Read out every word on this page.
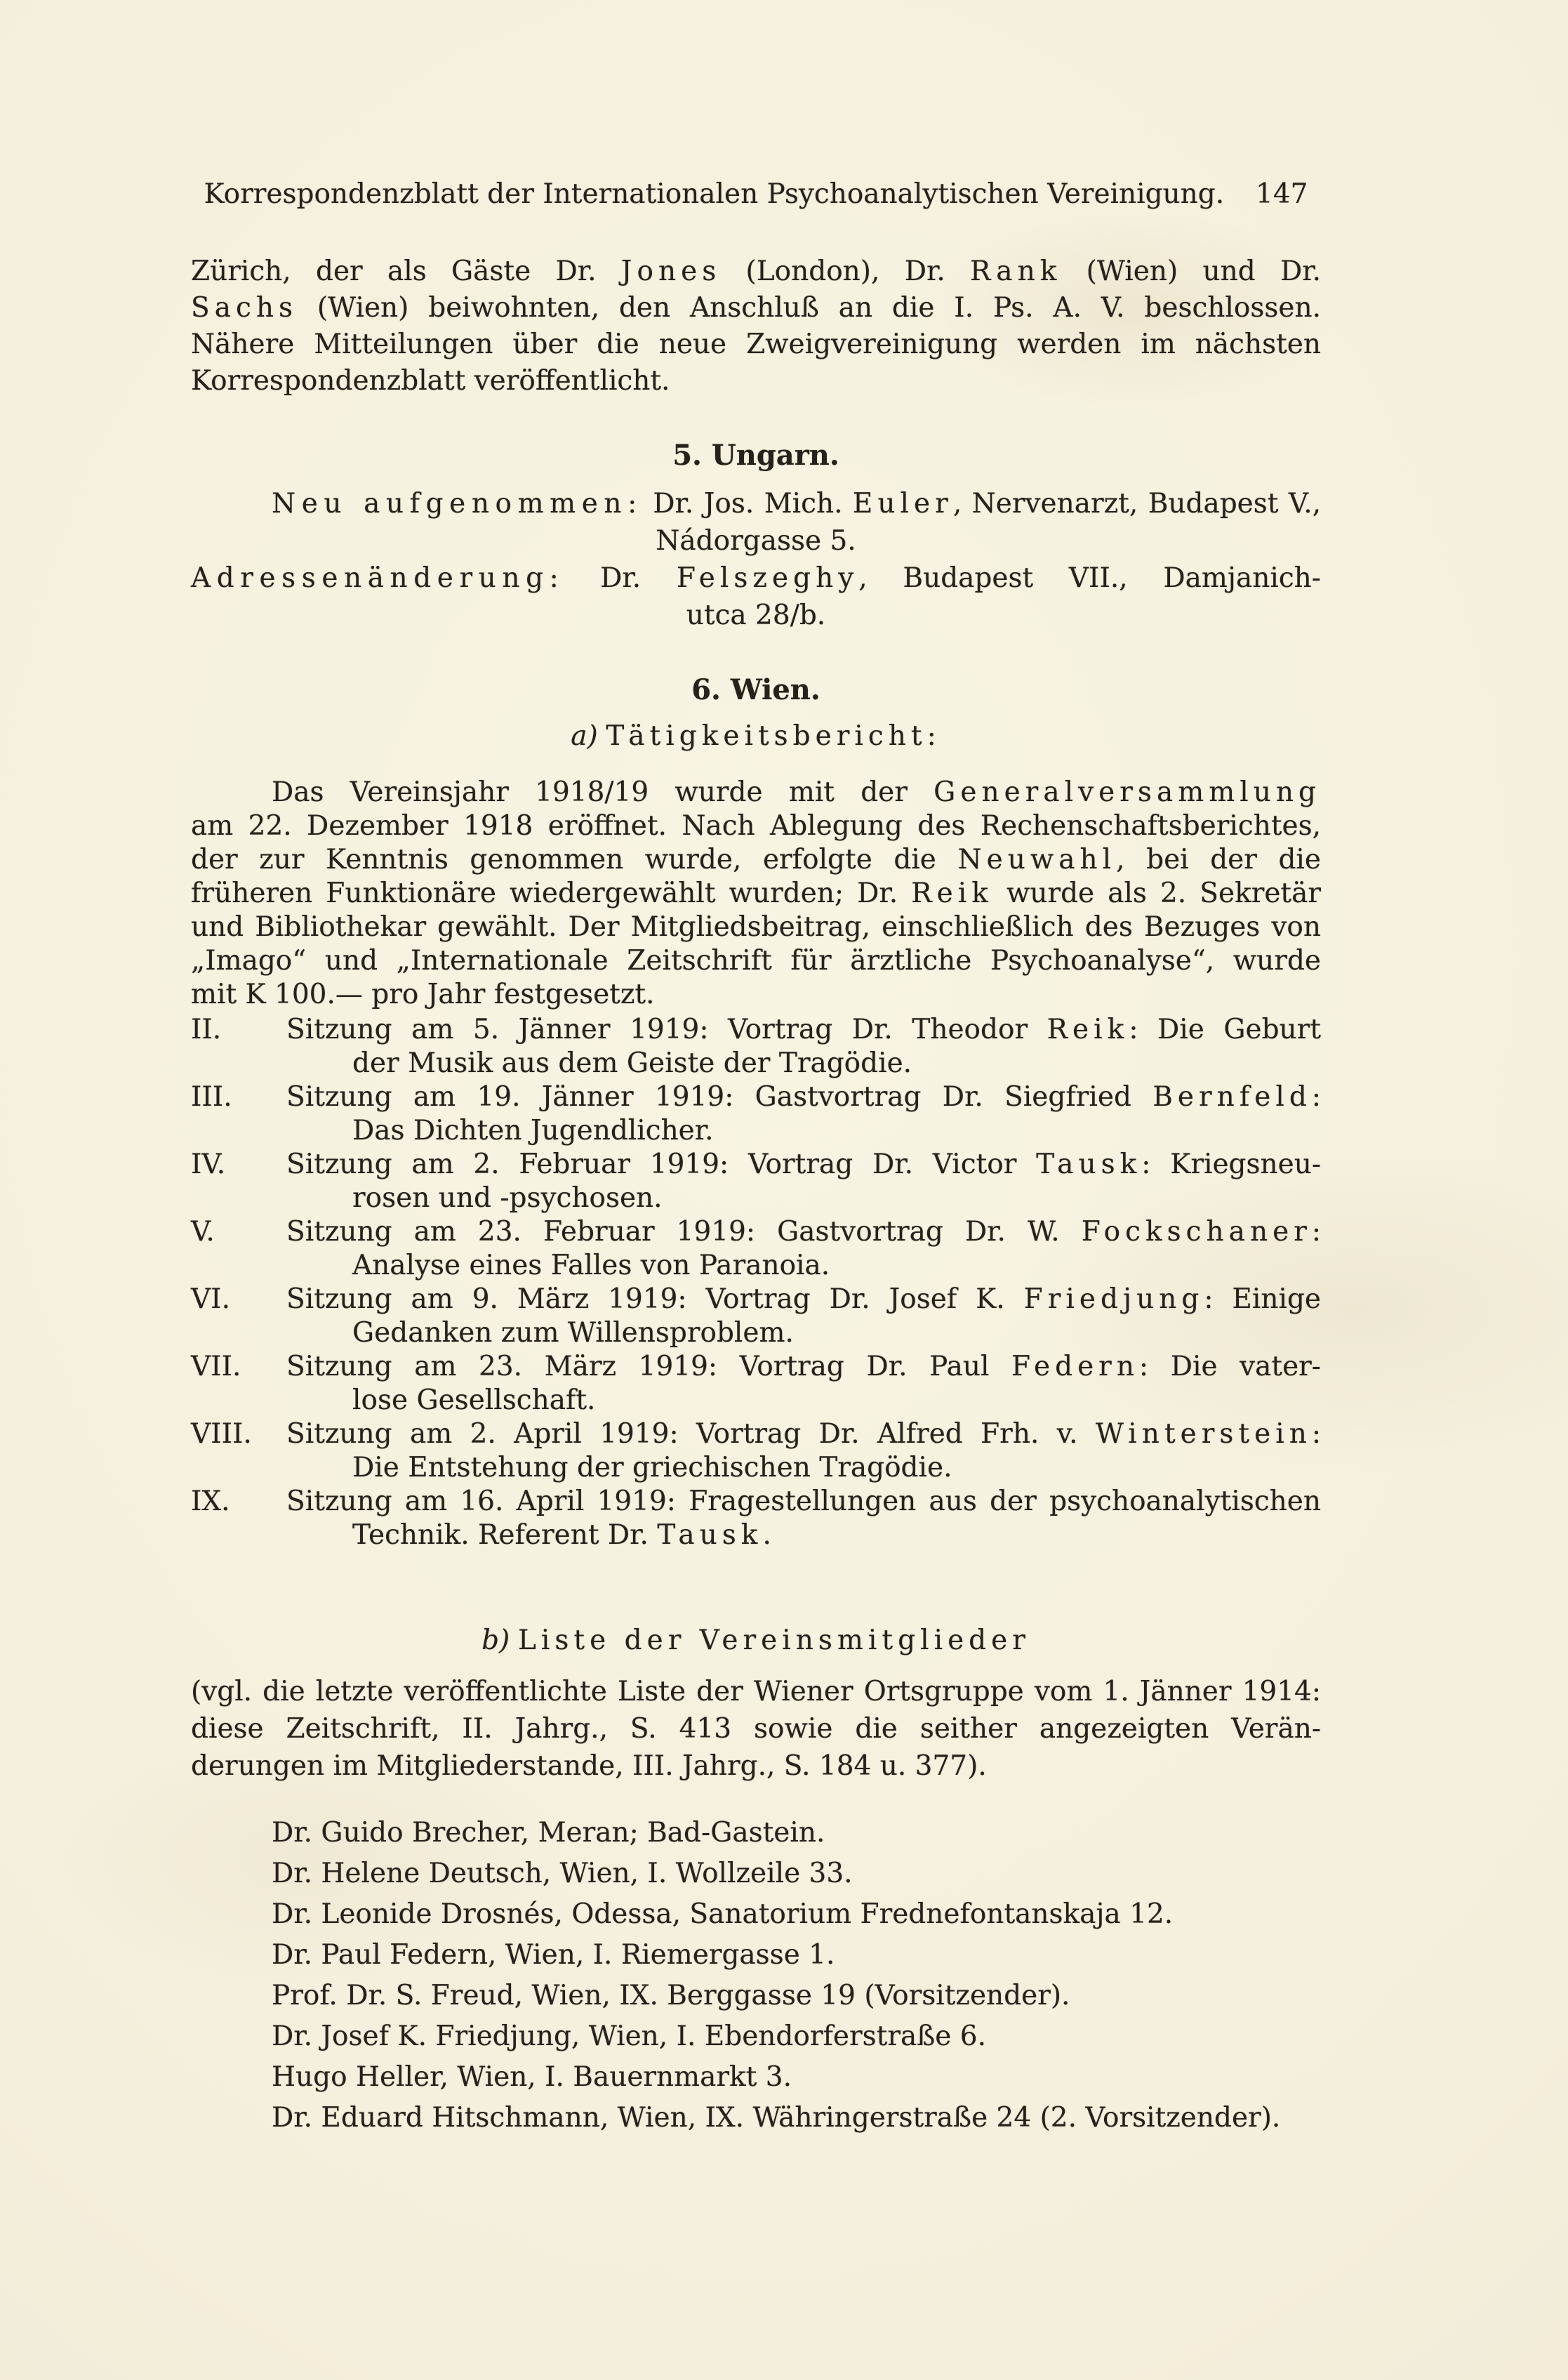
Korrespondenzblatt der Internationalen Psychoanalytischen Vereinigung. 147
Zürich, der als Gäste Dr. Jones (London), Dr. Rank (Wien) und Dr.
Sachs (Wien) beiwohnten, den Anschluß an die I. Ps. A. V. beschlossen.
Nähere Mitteilungen über die neue Zweigvereinigung werden im nächsten
Korrespondenzblatt veröffentlicht.
5. Ungarn.
Neu aufgenommen: Dr. Jos. Mich. Euler, Nervenarzt, Budapest V.,
Nádorgasse 5.
Adressenänderung: Dr. Felszeghy, Budapest VII., Damjanich-
utca 28/b.
6. Wien.
a) Tätigkeitsbericht:
Das Vereinsjahr 1918/19 wurde mit der Generalversammlung
am 22. Dezember 1918 eröffnet. Nach Ablegung des Rechenschaftsberichtes,
der zur Kenntnis genommen wurde, erfolgte die Neuwahl, bei der die
früheren Funktionäre wiedergewählt wurden; Dr. Reik wurde als 2. Sekretär
und Bibliothekar gewählt. Der Mitgliedsbeitrag, einschließlich des Bezuges von
„Imago“ und „Internationale Zeitschrift für ärztliche Psychoanalyse“, wurde
mit K 100.— pro Jahr festgesetzt.
II. Sitzung am 5. Jänner 1919: Vortrag Dr. Theodor Reik: Die Geburt
der Musik aus dem Geiste der Tragödie.
III. Sitzung am 19. Jänner 1919: Gastvortrag Dr. Siegfried Bernfeld:
Das Dichten Jugendlicher.
IV. Sitzung am 2. Februar 1919: Vortrag Dr. Victor Tausk: Kriegsneu-
rosen und -psychosen.
V.	Sitzung am 23. Februar 1919: Gastvortrag Dr. W. Fockschaner:
Analyse eines Falles von Paranoia.
VI. Sitzung am 9. März 1919: Vortrag Dr. Josef K. Friedjung: Einige
Gedanken zum Willensproblem.
VII. Sitzung am 23. März 1919: Vortrag Dr. Paul Federn: Die vater-
lose Gesellschaft.
VIII. Sitzung am 2. April 1919: Vortrag Dr. Alfred Frh. v. Winterstein:
Die Entstehung der griechischen Tragödie.
IX. Sitzung am 16. April 1919: Fragestellungen aus der psychoanalytischen
Technik. Referent Dr. Tausk.
b) Liste der Vereinsmitglieder
(vgl. die letzte veröffentlichte Liste der Wiener Ortsgruppe vom 1. Jänner 1914:
diese Zeitschrift, II. Jahrg., S. 413 sowie die seither angezeigten Verän-
derungen im Mitgliederstande, III. Jahrg., S. 184 u. 377).
Dr. Guido Brecher, Meran; Bad-Gastein.
Dr. Helene Deutsch, Wien, I. Wollzeile 33.
Dr. Leonide Drosnés, Odessa, Sanatorium Frednefontanskaja 12.
Dr. Paul Federn, Wien, I. Riemergasse 1.
Prof. Dr. S. Freud, Wien, IX. Berggasse 19 (Vorsitzender).
Dr. Josef K. Friedjung, Wien, I. Ebendorferstraße 6.
Hugo Heller, Wien, I. Bauernmarkt 3.
Dr. Eduard Hitschmann, Wien, IX. Währingerstraße 24 (2. Vorsitzender).
